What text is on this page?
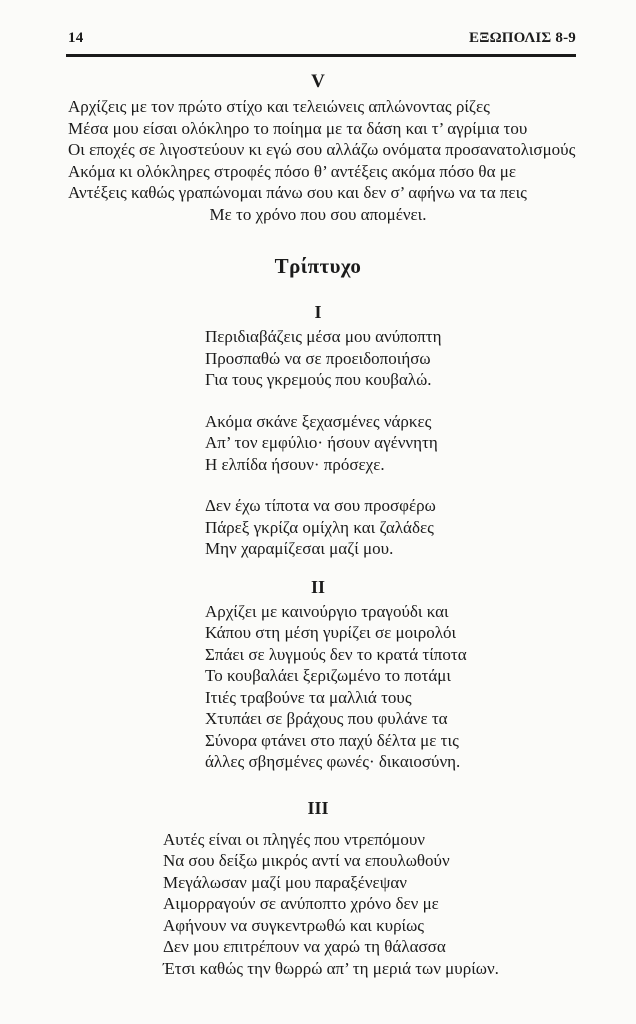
14	ΕΞΩΠΟΛΙΣ 8-9
V
Αρχίζεις με τον πρώτο στίχο και τελειώνεις απλώνοντας ρίζες
Μέσα μου είσαι ολόκληρο το ποίημα με τα δάση και τ’ αγρίμια του
Οι εποχές σε λιγοστεύουν κι εγώ σου αλλάζω ονόματα προσανατολισμούς
Ακόμα κι ολόκληρες στροφές πόσο θ’ αντέξεις ακόμα πόσο θα με
Αντέξεις καθώς γραπώνομαι πάνω σου και δεν σ’ αφήνω να τα πεις
Με το χρόνο που σου απομένει.
Τρίπτυχο
I
Περιδιαβάζεις μέσα μου ανύποπτη
Προσπαθώ να σε προειδοποιήσω
Για τους γκρεμούς που κουβαλώ.
Ακόμα σκάνε ξεχασμένες νάρκες
Απ’ τον εμφύλιο· ήσουν αγέννητη
Η ελπίδα ήσουν· πρόσεχε.
Δεν έχω τίποτα να σου προσφέρω
Πάρεξ γκρίζα ομίχλη και ζαλάδες
Μην χαραμίζεσαι μαζί μου.
II
Αρχίζει με καινούργιο τραγούδι και
Κάπου στη μέση γυρίζει σε μοιρολόι
Σπάει σε λυγμούς δεν το κρατά τίποτα
Το κουβαλάει ξεριζωμένο το ποτάμι
Ιτιές τραβούνε τα μαλλιά τους
Χτυπάει σε βράχους που φυλάνε τα
Σύνορα φτάνει στο παχύ δέλτα με τις
άλλες σβησμένες φωνές· δικαιοσύνη.
III
Αυτές είναι οι πληγές που ντρεπόμουν
Να σου δείξω μικρός αντί να επουλωθούν
Μεγάλωσαν μαζί μου παραξένεψαν
Αιμορραγούν σε ανύποπτο χρόνο δεν με
Αφήνουν να συγκεντρωθώ και κυρίως
Δεν μου επιτρέπουν να χαρώ τη θάλασσα
Έτσι καθώς την θωρρώ απ’ τη μεριά των μυρίων.
